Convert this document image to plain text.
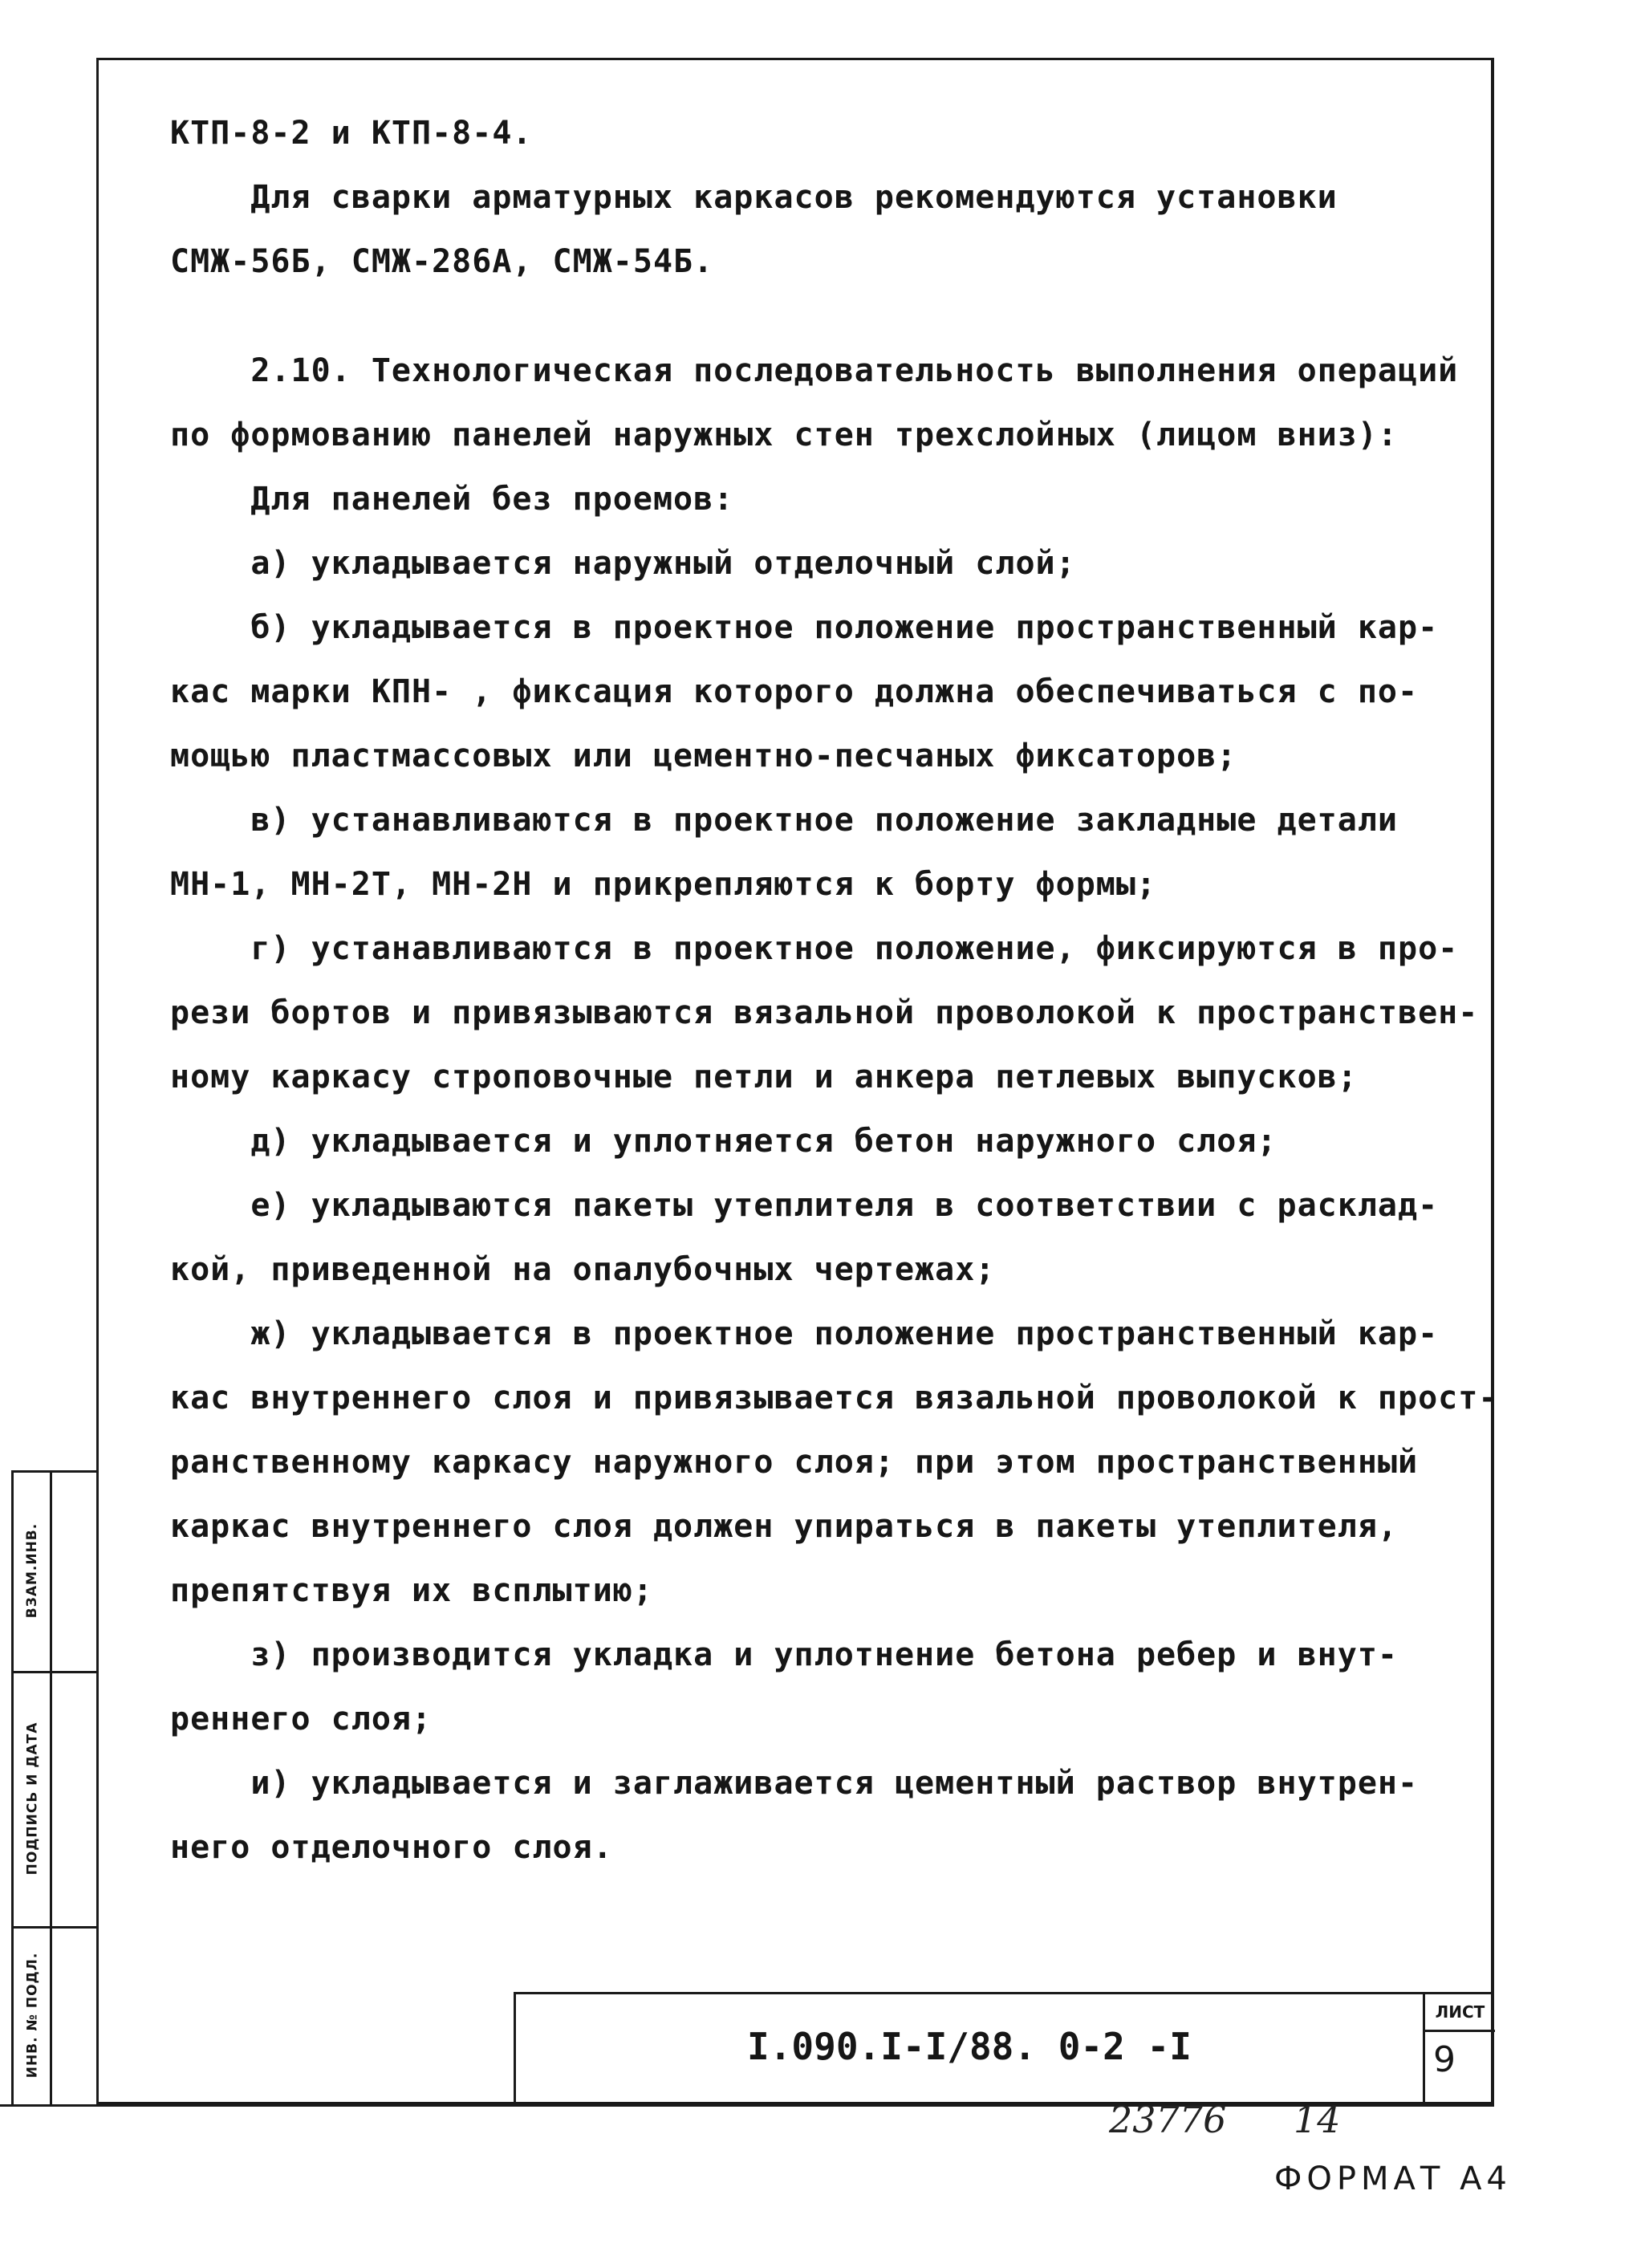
КТП-8-2 и КТП-8-4.
Для сварки арматурных каркасов рекомендуются установки
СМЖ-56Б, СМЖ-286А, СМЖ-54Б.
2.10. Технологическая последовательность выполнения операций
по формованию панелей наружных стен трехслойных (лицом вниз):
Для панелей без проемов:
а) укладывается наружный отделочный слой;
б) укладывается в проектное положение пространственный кар-
кас марки КПН- , фиксация которого должна обеспечиваться с по-
мощью пластмассовых или цементно-песчаных фиксаторов;
в) устанавливаются в проектное положение закладные детали
МН-1, МН-2Т, МН-2Н и прикрепляются к борту формы;
г) устанавливаются в проектное положение, фиксируются в про-
рези бортов и привязываются вязальной проволокой к пространствен-
ному каркасу строповочные петли и анкера петлевых выпусков;
д) укладывается и уплотняется бетон наружного слоя;
е) укладываются пакеты утеплителя в соответствии с расклад-
кой, приведенной на опалубочных чертежах;
ж) укладывается в проектное положение пространственный кар-
кас внутреннего слоя и привязывается вязальной проволокой к прост-
ранственному каркасу наружного слоя; при этом пространственный
каркас внутреннего слоя должен упираться в пакеты утеплителя,
препятствуя их всплытию;
з) производится укладка и уплотнение бетона ребер и внут-
реннего слоя;
и) укладывается и заглаживается цементный раствор внутрен-
него отделочного слоя.
ВЗАМ.ИНВ.
ПОДПИСЬ И ДАТА
ИНВ. № ПОДЛ.	I.090.I-I/88. 0-2 -I
ЛИСТ
9
23776 14
ФОРМАТ А4
